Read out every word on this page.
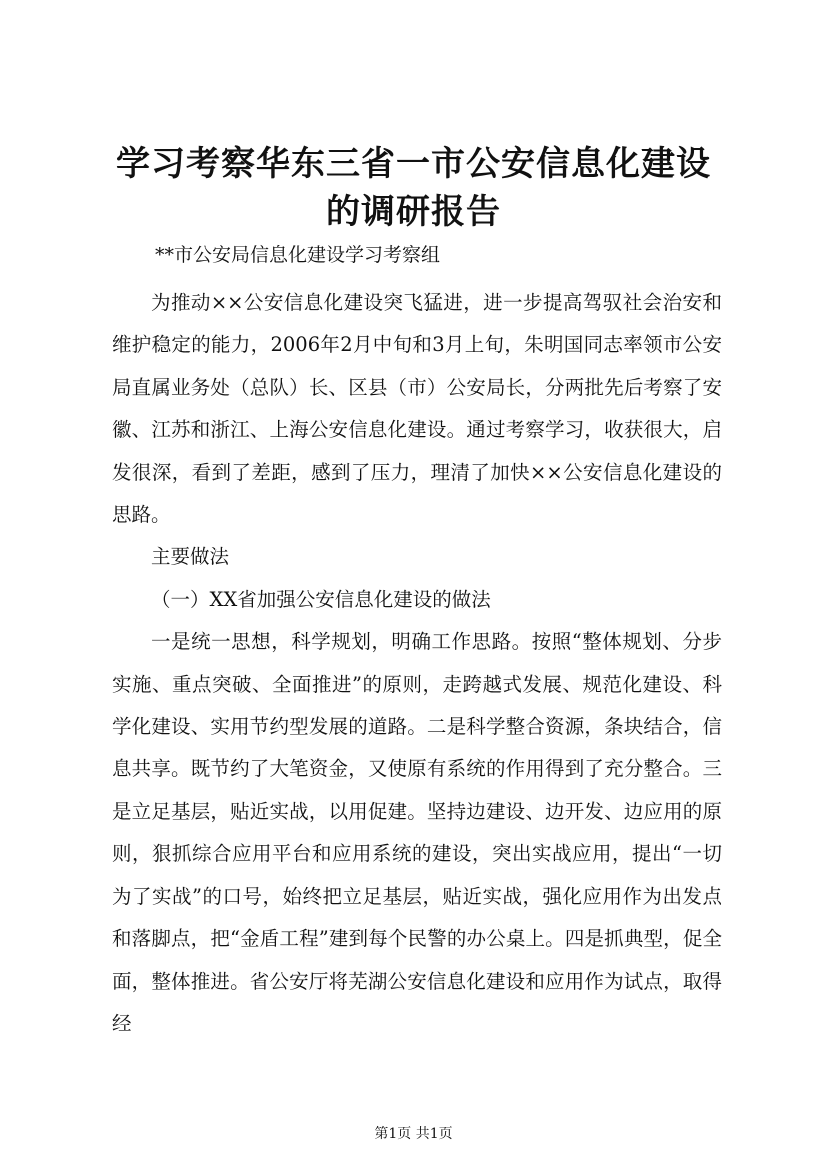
学习考察华东三省一市公安信息化建设的调研报告

**市公安局信息化建设学习考察组

为推动××公安信息化建设突飞猛进，进一步提高驾驭社会治安和维护稳定的能力，2006年2月中旬和3月上旬，朱明国同志率领市公安局直属业务处（总队）长、区县（市）公安局长，分两批先后考察了安徽、江苏和浙江、上海公安信息化建设。通过考察学习，收获很大，启发很深，看到了差距，感到了压力，理清了加快××公安信息化建设的思路。

主要做法

（一）XX省加强公安信息化建设的做法

一是统一思想，科学规划，明确工作思路。按照“整体规划、分步实施、重点突破、全面推进”的原则，走跨越式发展、规范化建设、科学化建设、实用节约型发展的道路。二是科学整合资源，条块结合，信息共享。既节约了大笔资金，又使原有系统的作用得到了充分整合。三是立足基层，贴近实战，以用促建。坚持边建设、边开发、边应用的原则，狠抓综合应用平台和应用系统的建设，突出实战应用，提出“一切为了实战”的口号，始终把立足基层，贴近实战，强化应用作为出发点和落脚点，把“金盾工程”建到每个民警的办公桌上。四是抓典型，促全面，整体推进。省公安厅将芜湖公安信息化建设和应用作为试点，取得经

第1页 共1页
